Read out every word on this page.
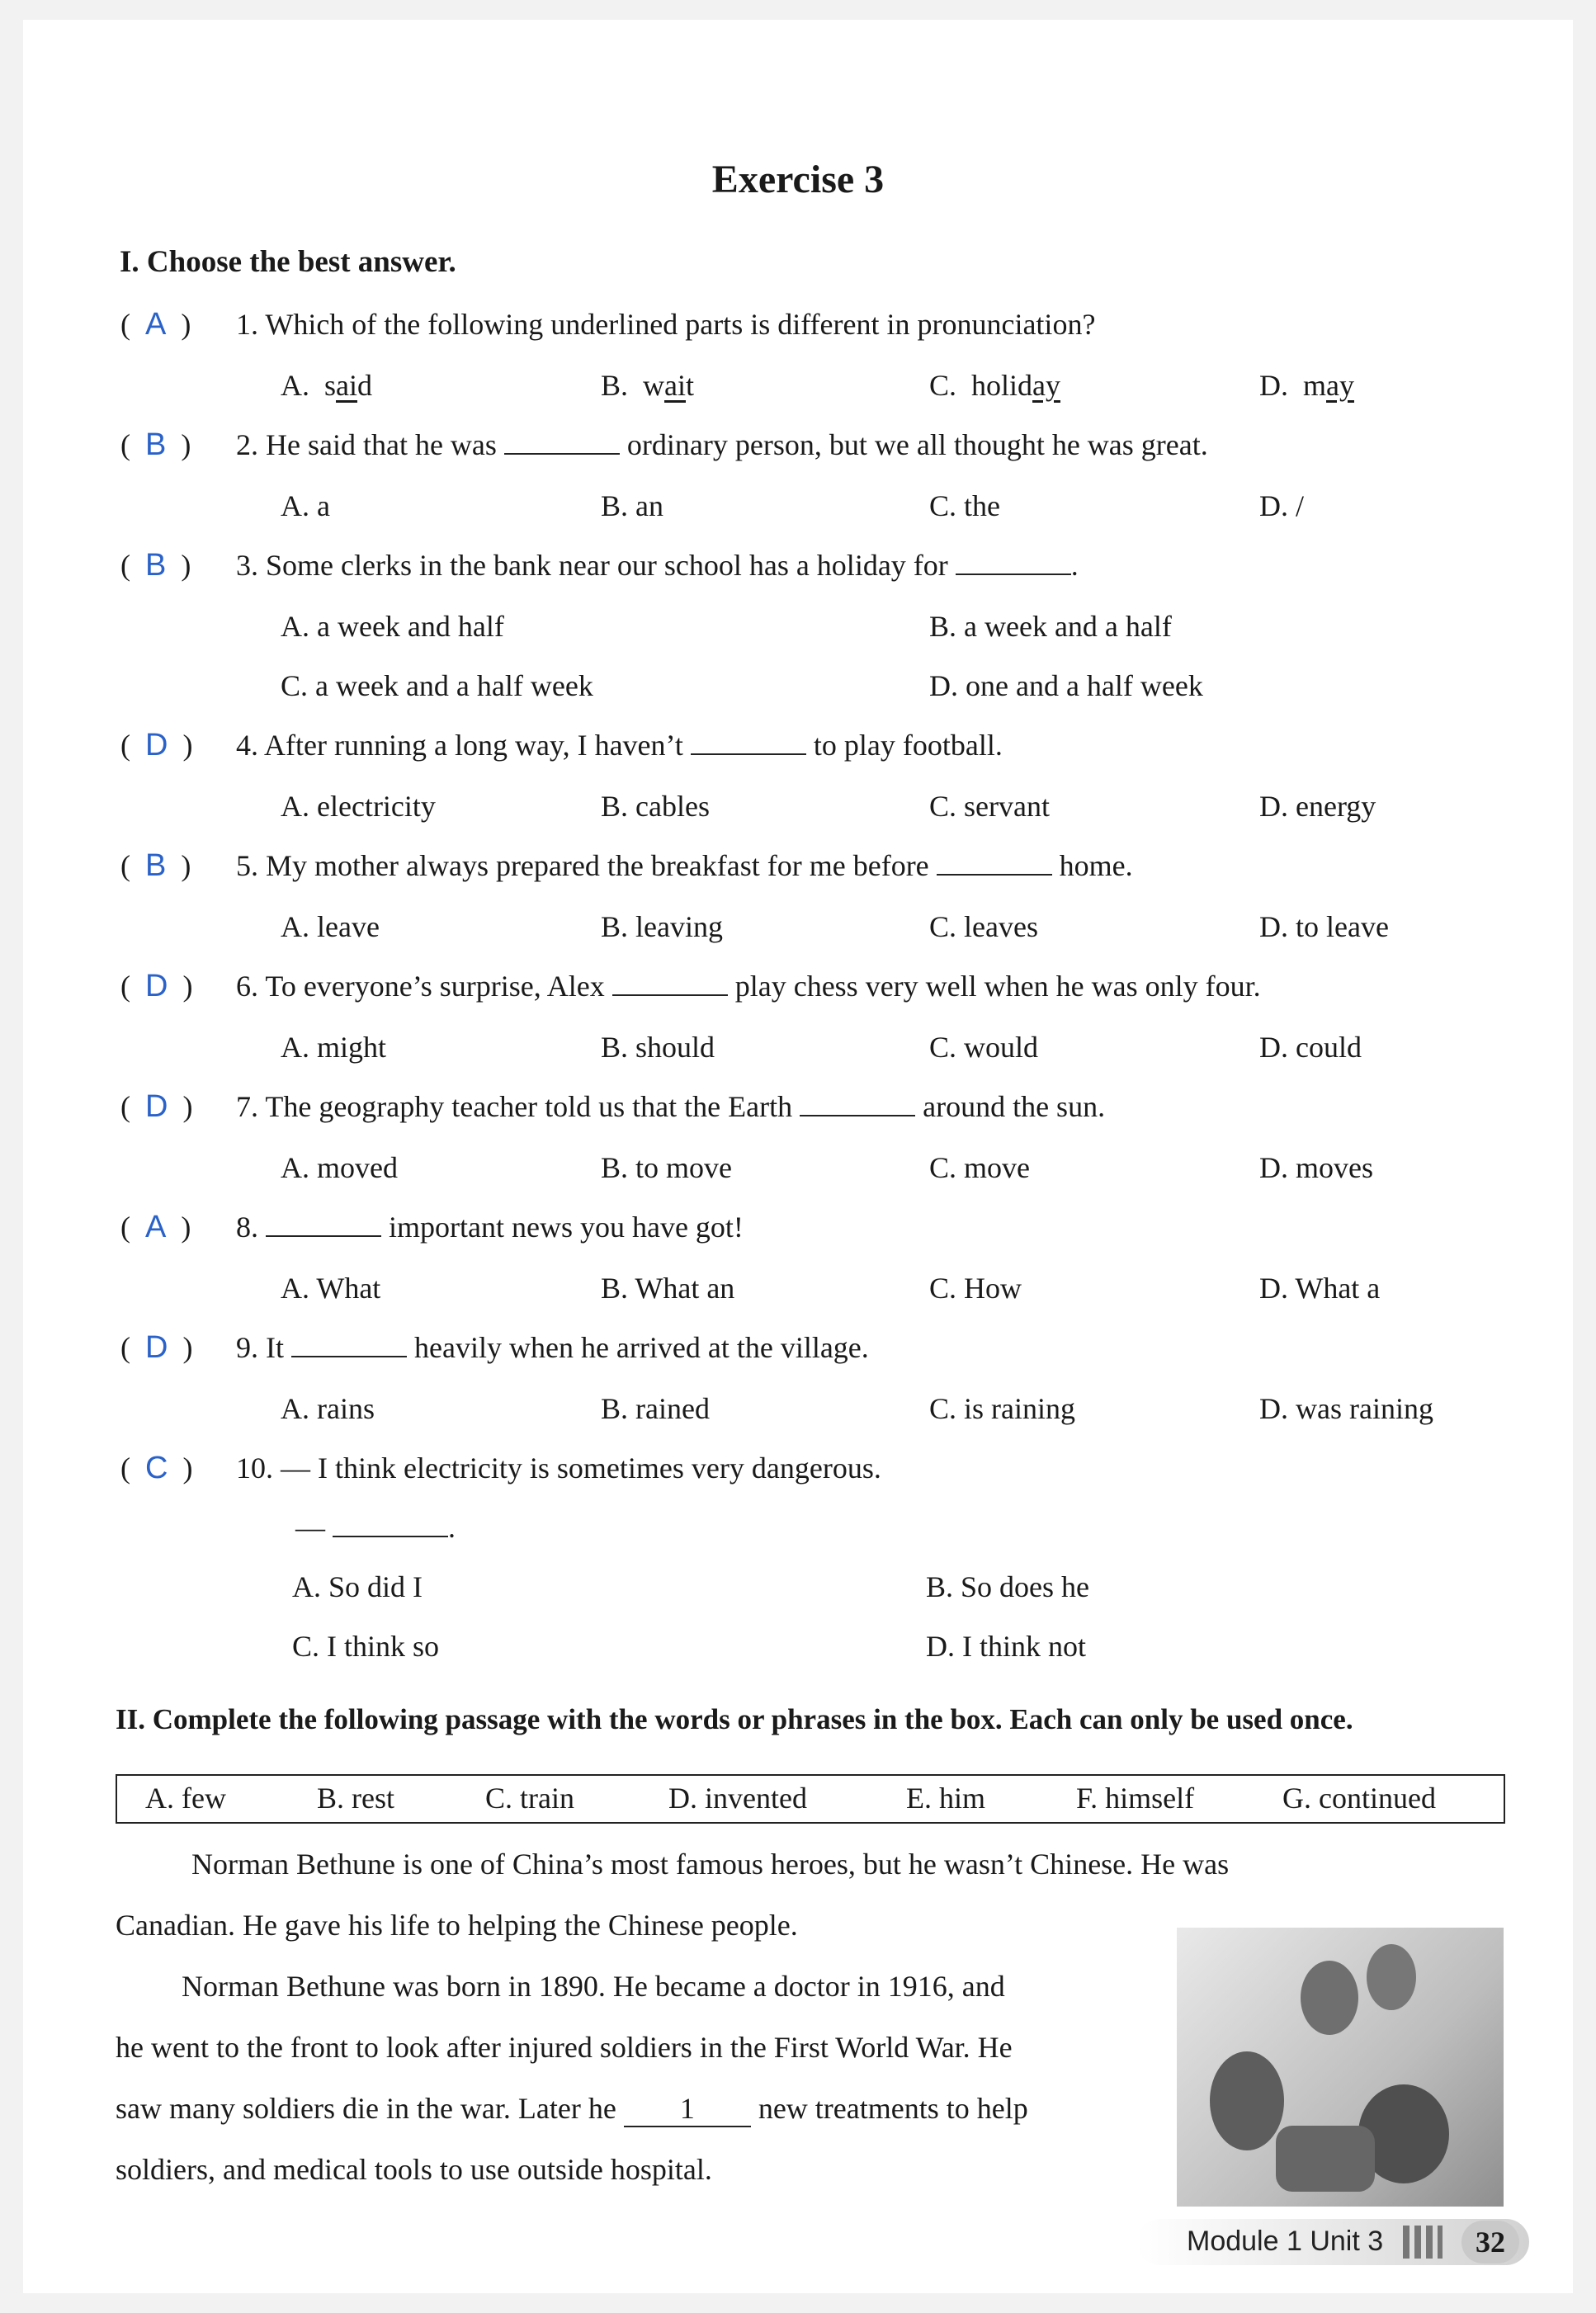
Exercise 3
I. Choose the best answer.
(  A  ) 1. Which of the following underlined parts is different in pronunciation?
A.  said	B.  wait	C.  holiday	D.  may
(  B  ) 2. He said that he was	ordinary person, but we all thought he was great.
A. a	B. an	C. the	D. /
(  B  ) 3. Some clerks in the bank near our school has a holiday for	.
A. a week and half	B. a week and a half
C. a week and a half week	D. one and a half week
(  D  ) 4. After running a long way, I haven’t	to play football.
A. electricity	B. cables	C. servant	D. energy
(  B  ) 5. My mother always prepared the breakfast for me before	home.
A. leave	B. leaving	C. leaves	D. to leave
(  D  ) 6. To everyone’s surprise, Alex	play chess very well when he was only four.
A. might	B. should	C. would	D. could
(  D  ) 7. The geography teacher told us that the Earth	around the sun.
A. moved	B. to move	C. move	D. moves
(  A  ) 8.	important news you have got!
A. What	B. What an	C. How	D. What a
(  D  ) 9. It	heavily when he arrived at the village.
A. rains	B. rained	C. is raining	D. was raining
(  C  ) 10. — I think electricity is sometimes very dangerous.
—	.
A. So did I	B. So does he
C. I think so	D. I think not
II. Complete the following passage with the words or phrases in the box. Each can only be used once.
A. few	B. rest	C. train	D. invented	E. him	F. himself	G. continued
Norman Bethune is one of China’s most famous heroes, but he wasn’t Chinese. He was
Canadian. He gave his life to helping the Chinese people.
Norman Bethune was born in 1890. He became a doctor in 1916, and
he went to the front to look after injured soldiers in the First World War. He
saw many soldiers die in the war. Later he 1 new treatments to help
soldiers, and medical tools to use outside hospital.
Module 1 Unit 3	32
